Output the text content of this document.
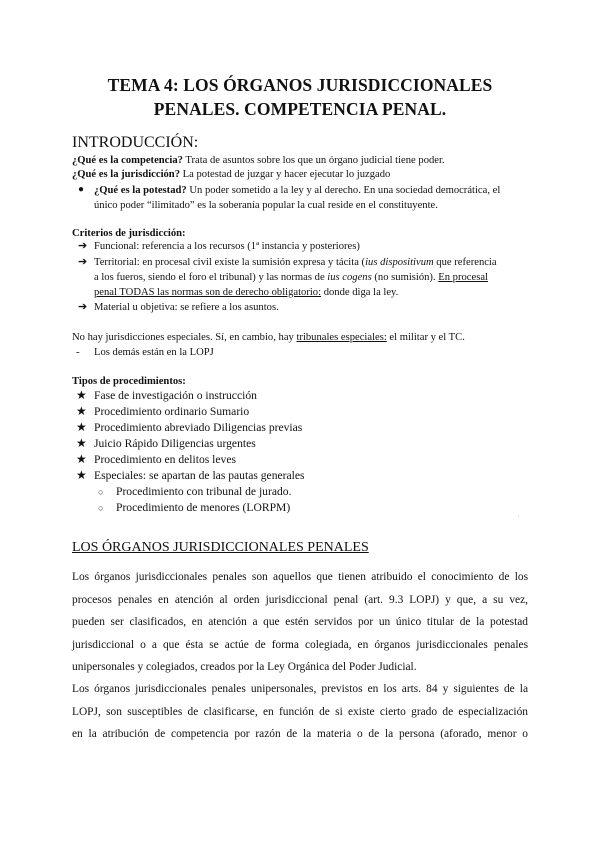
TEMA 4: LOS ÓRGANOS JURISDICCIONALES
PENALES. COMPETENCIA PENAL.
INTRODUCCIÓN:
¿Qué es la competencia? Trata de asuntos sobre los que un órgano judicial tiene poder.
¿Qué es la jurisdicción? La potestad de juzgar y hacer ejecutar lo juzgado
● ¿Qué es la potestad? Un poder sometido a la ley y al derecho. En una sociedad democrática, el
único poder “ilimitado” es la soberanía popular la cual reside en el constituyente.
Criterios de jurisdicción:
➔ Funcional: referencia a los recursos (1ª instancia y posteriores)
➔ Territorial: en procesal civil existe la sumisión expresa y tácita (ius dispositivum que referencia
a los fueros, siendo el foro el tribunal) y las normas de ius cogens (no sumisión). En procesal
penal TODAS las normas son de derecho obligatorio: donde diga la ley.
➔ Material u objetiva: se refiere a los asuntos.
No hay jurisdicciones especiales. Sí, en cambio, hay tribunales especiales: el militar y el TC.
- Los demás están en la LOPJ
Tipos de procedimientos:
★ Fase de investigación o instrucción
★ Procedimiento ordinario Sumario
★ Procedimiento abreviado Diligencias previas
★ Juicio Rápido Diligencias urgentes
★ Procedimiento en delitos leves
★ Especiales: se apartan de las pautas generales
○ Procedimiento con tribunal de jurado.
○ Procedimiento de menores (LORPM)
.
LOS ÓRGANOS JURISDICCIONALES PENALES
Los órganos jurisdiccionales penales son aquellos que tienen atribuido el conocimiento de los
procesos penales en atención al orden jurisdiccional penal (art. 9.3 LOPJ) y que, a su vez,
pueden ser clasificados, en atención a que estén servidos por un único titular de la potestad
jurisdiccional o a que ésta se actúe de forma colegiada, en órganos jurisdiccionales penales
unipersonales y colegiados, creados por la Ley Orgánica del Poder Judicial.
Los órganos jurisdiccionales penales unipersonales, previstos en los arts. 84 y siguientes de la
LOPJ, son susceptibles de clasificarse, en función de si existe cierto grado de especialización
en la atribución de competencia por razón de la materia o de la persona (aforado, menor o
